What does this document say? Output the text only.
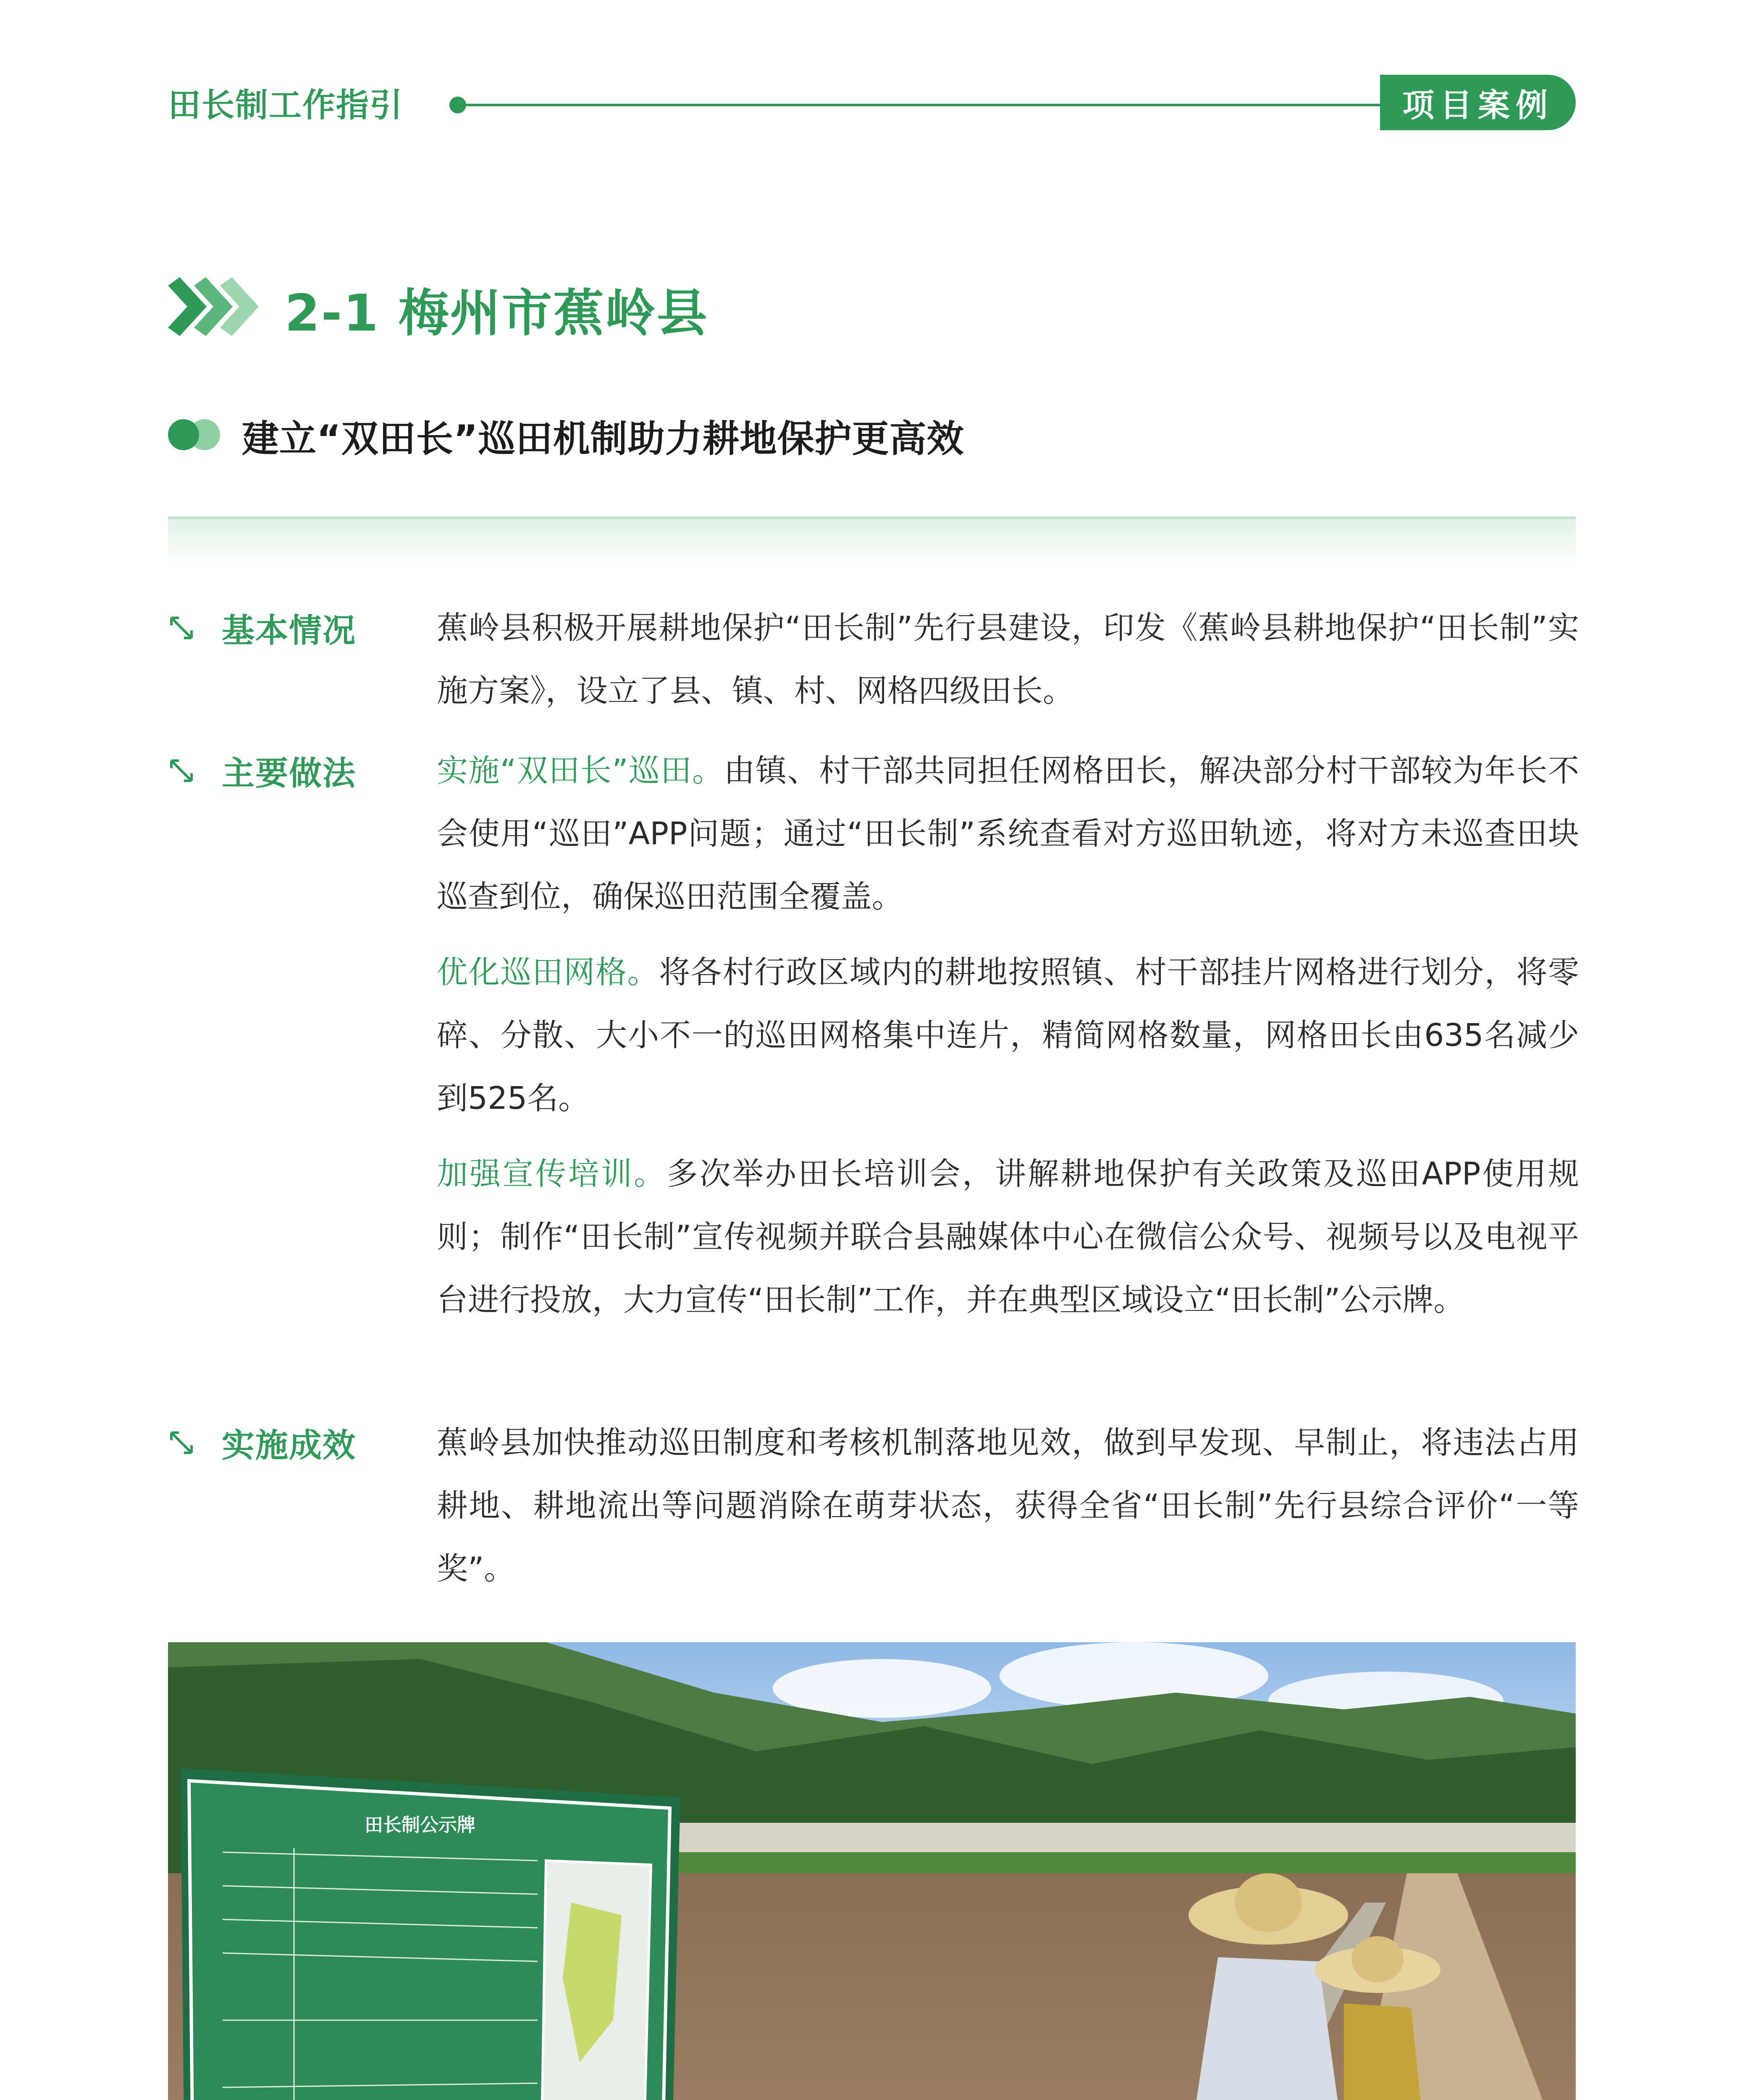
田长制工作指引	项目案例
2-1 梅州市蕉岭县
建立“双田长”巡田机制助力耕地保护更高效
基本情况	蕉岭县积极开展耕地保护“田长制”先行县建设，印发《蕉岭县耕地保护“田长制”实施方案》，设立了县、镇、村、网格四级田长。
主要做法	实施“双田长”巡田。由镇、村干部共同担任网格田长，解决部分村干部较为年长不会使用“巡田”APP问题；通过“田长制”系统查看对方巡田轨迹，将对方未巡查田块巡查到位，确保巡田范围全覆盖。
优化巡田网格。将各村行政区域内的耕地按照镇、村干部挂片网格进行划分，将零碎、分散、大小不一的巡田网格集中连片，精简网格数量，网格田长由635名减少到525名。
加强宣传培训。多次举办田长培训会，讲解耕地保护有关政策及巡田APP使用规则；制作“田长制”宣传视频并联合县融媒体中心在微信公众号、视频号以及电视平台进行投放，大力宣传“田长制”工作，并在典型区域设立“田长制”公示牌。
实施成效	蕉岭县加快推动巡田制度和考核机制落地见效，做到早发现、早制止，将违法占用耕地、耕地流出等问题消除在萌芽状态，获得全省“田长制”先行县综合评价“一等奖”。
田长制公示牌
